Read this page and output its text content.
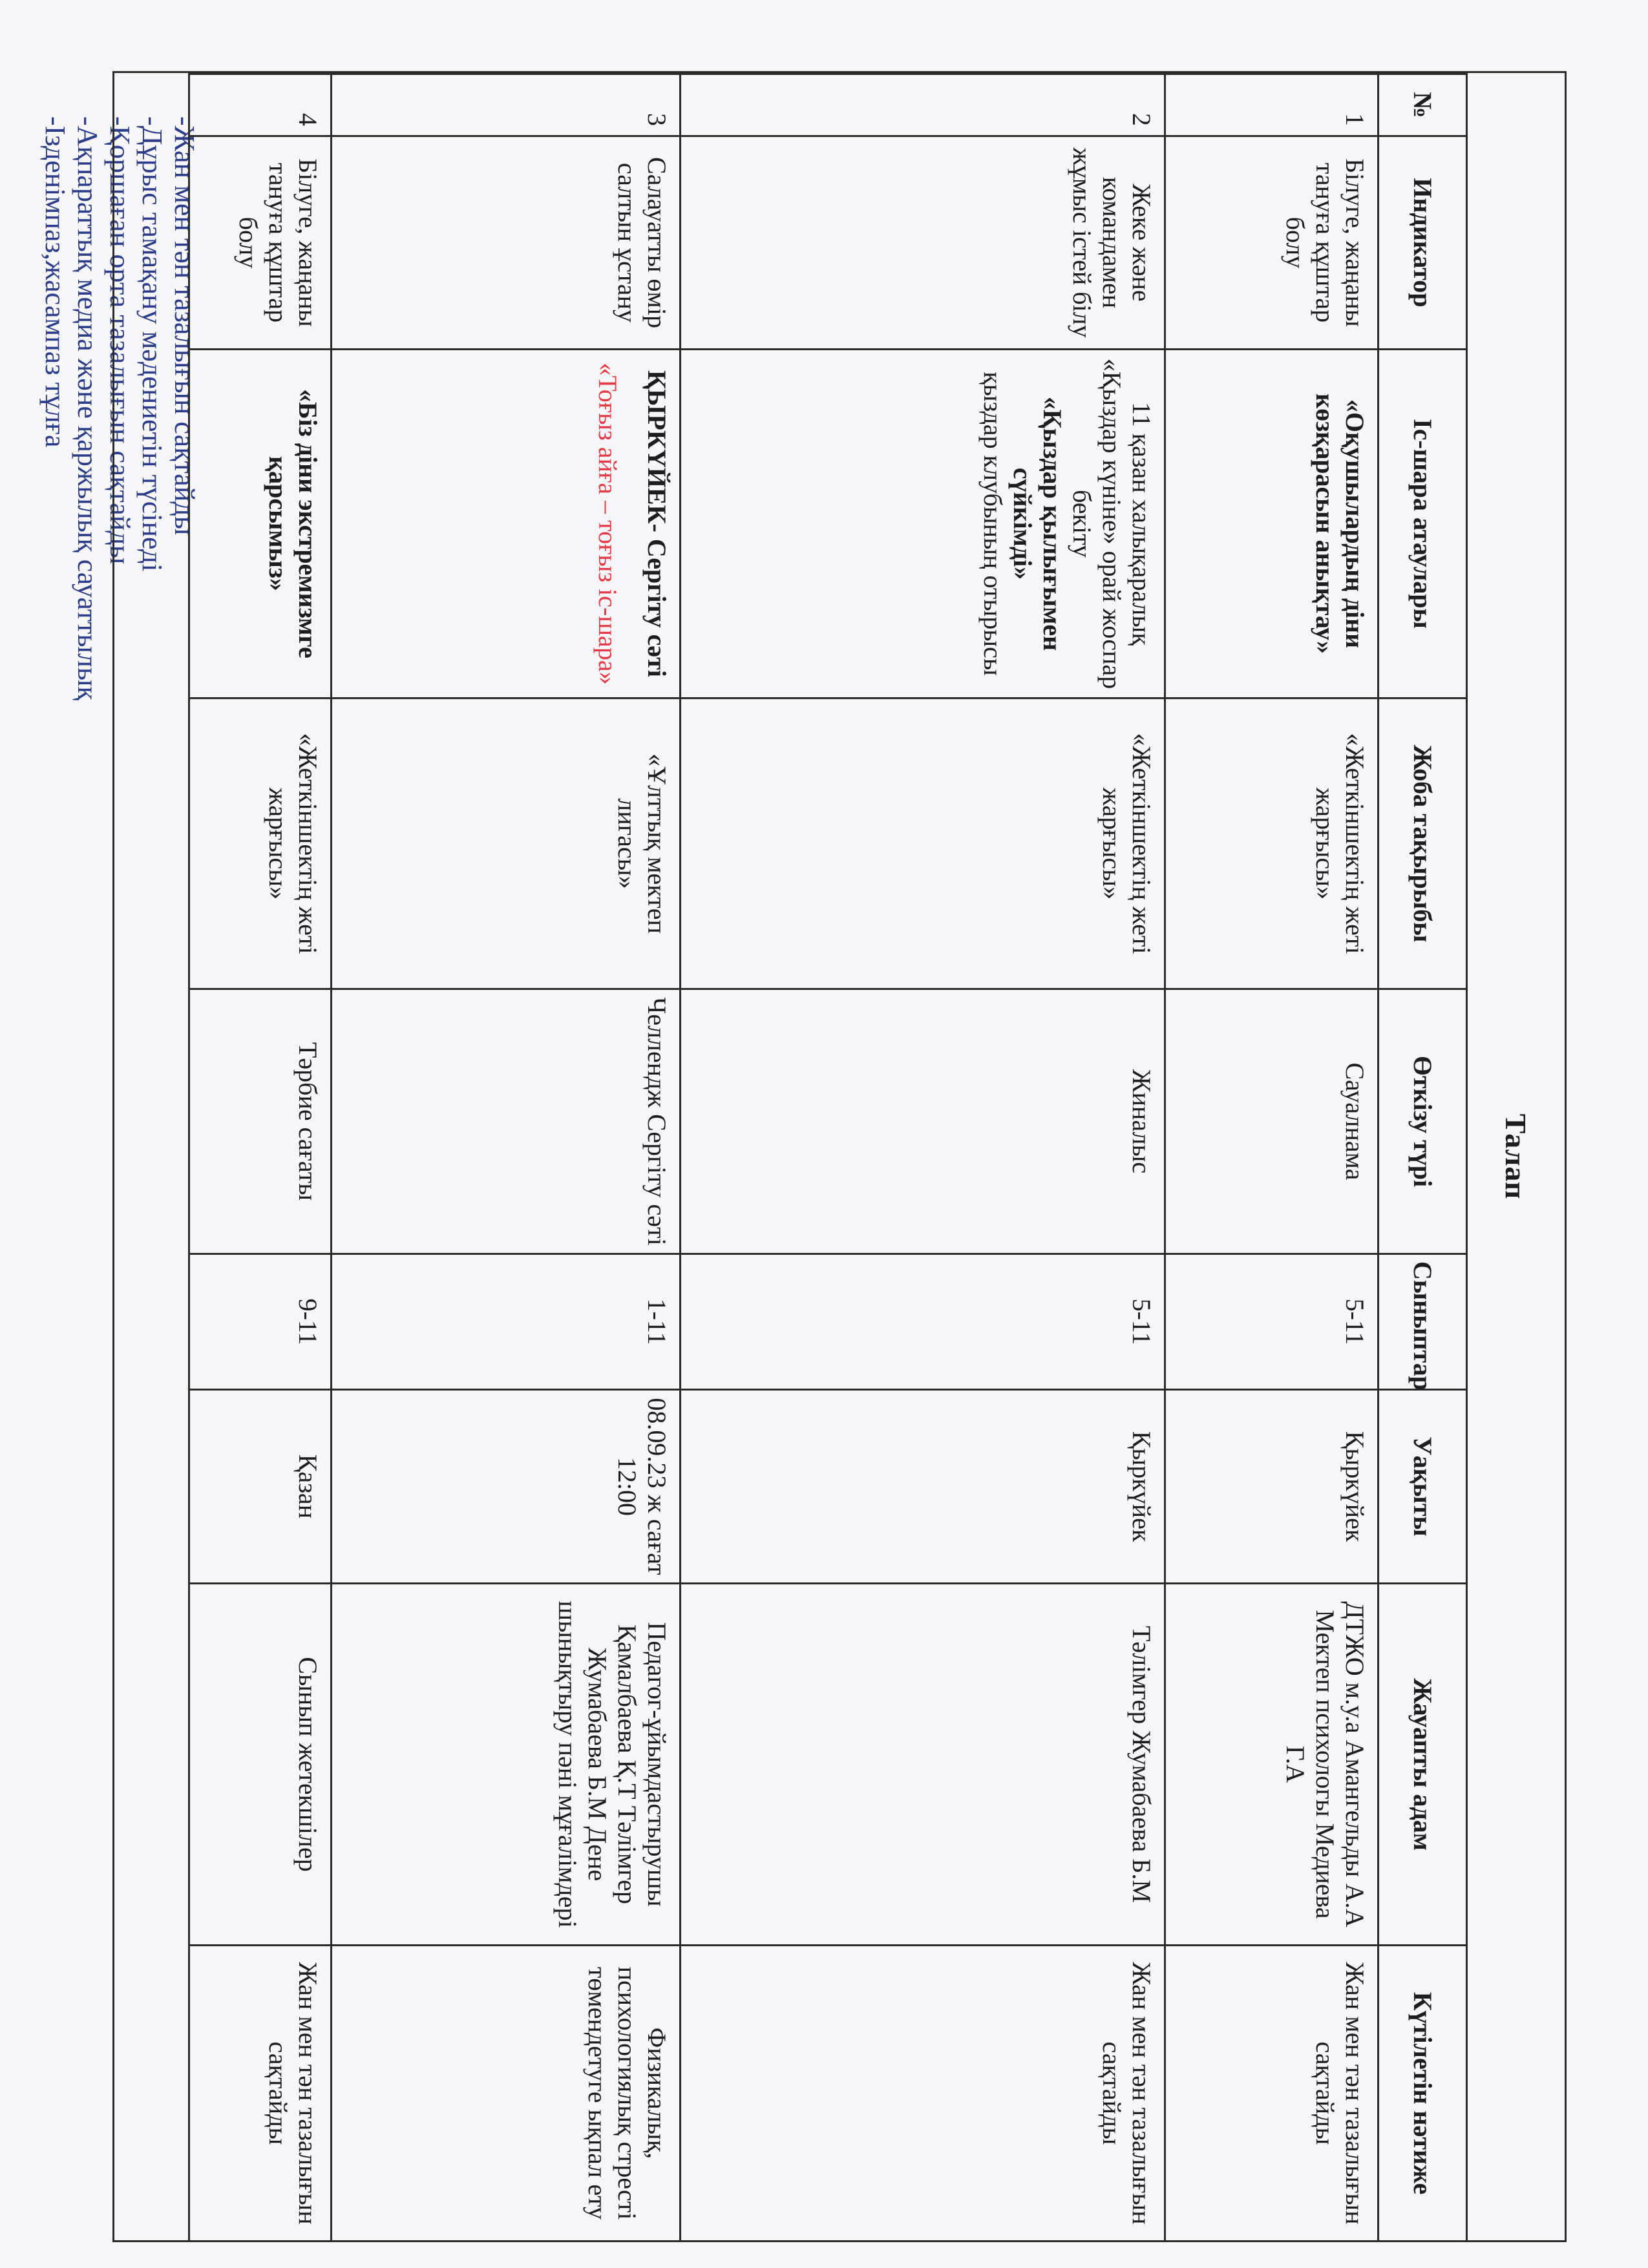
-Жан мен тән тазалығын сақтайды
-Дұрыс тамақану мәдениетін түсінеді
-Қоршаған орта тазалығын сақтайды
-Ақпараттық медиа және қаржылық сауаттылық
-Ізденімпаз,жасампаз тұлға
Талап
№	Индикатор	Іс-шара атаулары	Жоба тақырыбы	Өткізу түрі	Сыныптар	Уақыты	Жауапты адам	Күтілетін нәтиже
1	Білуге, жаңаны тануға құштар болу	«Оқушылардың діни көзқарасын анықтау»	«Жеткіншектің жеті жарғысы»	Сауалнама	5-11	Қыркүйек	ДТЖО м.у.а Амангельды А.А Мектеп психологы Медиева Г.А	Жан мен тән тазалығын сақтайды
2	Жеке және командамен жұмыс істей білу	11 қазан халықаралық «Қыздар күніне» орай жоспар бекіту
«Қыздар қылығымен сүйкімді»
қыздар клубының отырысы	«Жеткіншектің жеті жарғысы»	Жиналыс	5-11	Қыркүйек	Тәлімгер Жумабаева Б.М	Жан мен тән тазалығын сақтайды
3	Салауатты өмір салтын ұстану	ҚЫРКҮЙЕК- Сергіту сәті
«Тоғыз айға – тоғыз іс-шара»	«Ұлттық мектеп лигасы»	Челлендж Сергіту сәті	1-11	08.09.23 ж сағат 12:00	Педагог-ұйымдастырушы Қамалбаева Қ.Т Тәлімгер Жумабаева Б.М Дене шынықтыру пәні мұғалімдері	Физикалық, психологиялық стресті төмендетуге ықпал ету
4	Білуге, жаңаны тануға құштар болу	«Біз діни экстремизмге қарсымыз»	«Жеткіншектің жеті жарғысы»	Тәрбие сағаты	9-11	Қазан	Сынып жетекшілер	Жан мен тән тазалығын сақтайды
